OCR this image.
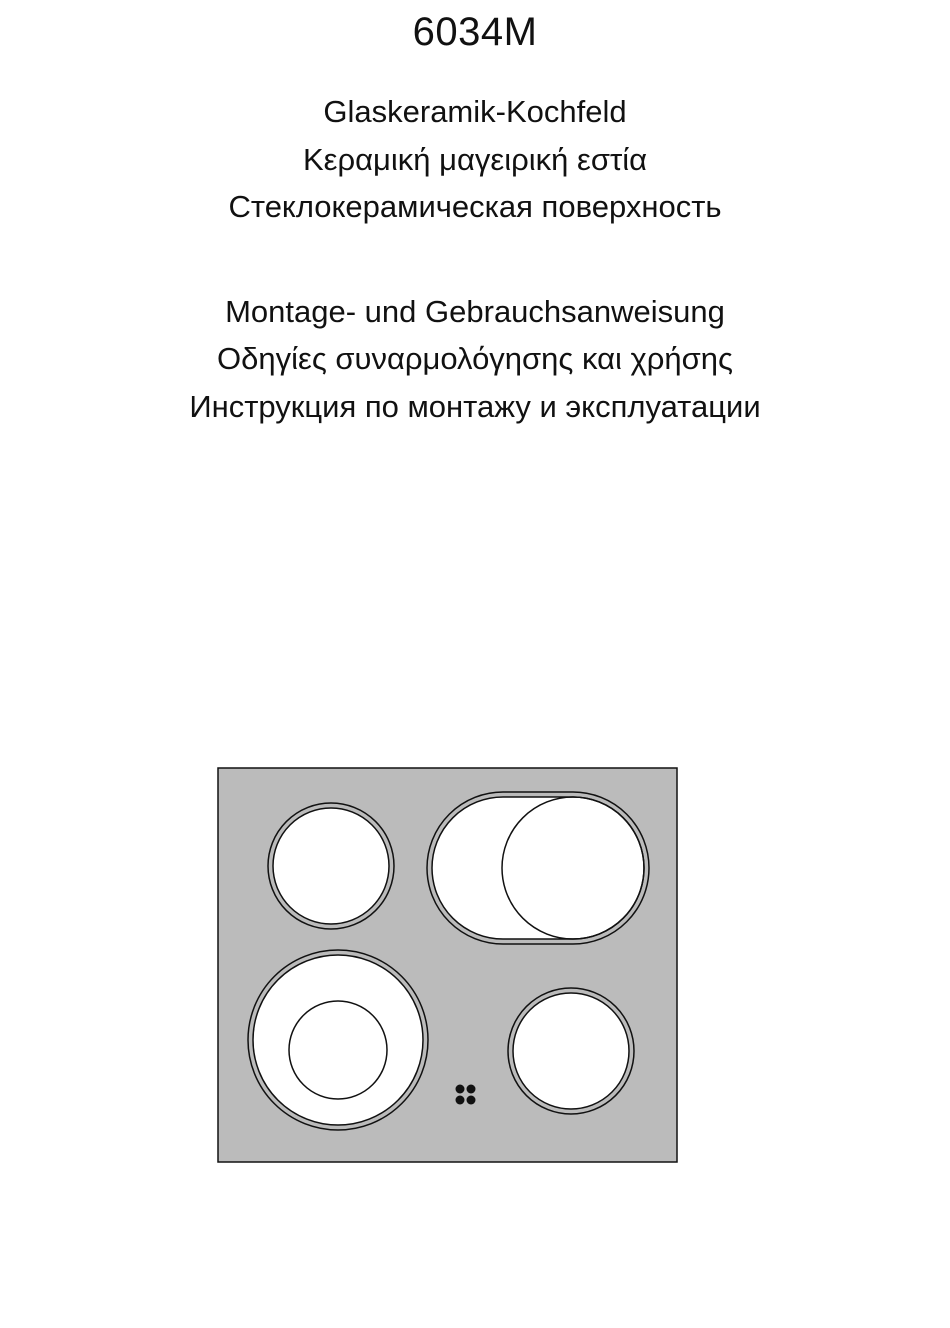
6034M
Glaskeramik-Kochfeld
Κεραμική μαγειρική εστία
Стеклокерамическая поверхность
Montage- und Gebrauchsanweisung
Οδηγίες συναρμολόγησης και χρήσης
Инструкция по монтажу и эксплуатации
